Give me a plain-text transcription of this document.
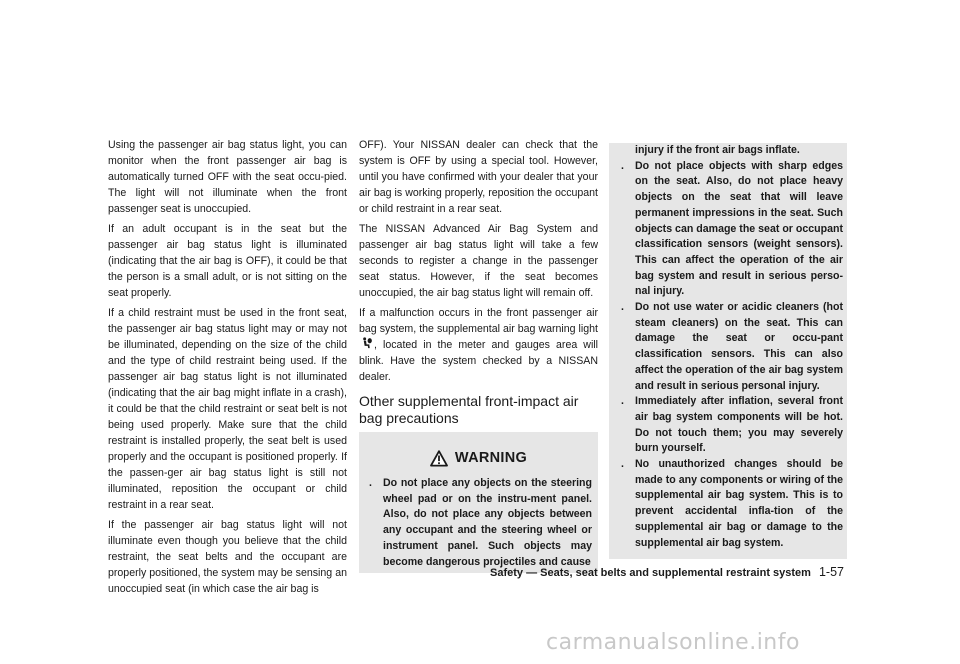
Using the passenger air bag status light, you can monitor when the front passenger air bag is automatically turned OFF with the seat occu-pied. The light will not illuminate when the front passenger seat is unoccupied.

If an adult occupant is in the seat but the passenger air bag status light is illuminated (indicating that the air bag is OFF), it could be that the person is a small adult, or is not sitting on the seat properly.

If a child restraint must be used in the front seat, the passenger air bag status light may or may not be illuminated, depending on the size of the child and the type of child restraint being used. If the passenger air bag status light is not illuminated (indicating that the air bag might inflate in a crash), it could be that the child restraint or seat belt is not being used properly. Make sure that the child restraint is installed properly, the seat belt is used properly and the occupant is positioned properly. If the passen-ger air bag status light is still not illuminated, reposition the occupant or child restraint in a rear seat.

If the passenger air bag status light will not illuminate even though you believe that the child restraint, the seat belts and the occupant are properly positioned, the system may be sensing an unoccupied seat (in which case the air bag is

OFF). Your NISSAN dealer can check that the system is OFF by using a special tool. However, until you have confirmed with your dealer that your air bag is working properly, reposition the occupant or child restraint in a rear seat.

The NISSAN Advanced Air Bag System and passenger air bag status light will take a few seconds to register a change in the passenger seat status. However, if the seat becomes unoccupied, the air bag status light will remain off.

If a malfunction occurs in the front passenger air bag system, the supplemental air bag warning light, located in the meter and gauges area will blink. Have the system checked by a NISSAN dealer.

Other supplemental front-impact air bag precautions
WARNING
.	Do not place any objects on the steering wheel pad or on the instru-ment panel. Also, do not place any objects between any occupant and the steering wheel or instrument panel. Such objects may become dangerous projectiles and cause
injury if the front air bags inflate.
.	Do not place objects with sharp edges on the seat. Also, do not place heavy objects on the seat that will leave permanent impressions in the seat. Such objects can damage the seat or occupant classification sensors (weight sensors). This can affect the operation of the air bag system and result in serious perso-nal injury.
.	Do not use water or acidic cleaners (hot steam cleaners) on the seat. This can damage the seat or occu-pant classification sensors. This can also affect the operation of the air bag system and result in serious personal injury.
.	Immediately after inflation, several front air bag system components will be hot. Do not touch them; you may severely burn yourself.
.	No unauthorized changes should be made to any components or wiring of the supplemental air bag system. This is to prevent accidental infla-tion of the supplemental air bag or damage to the supplemental air bag system.
Safety — Seats, seat belts and supplemental restraint system 1-57
carmanualsonline.info
